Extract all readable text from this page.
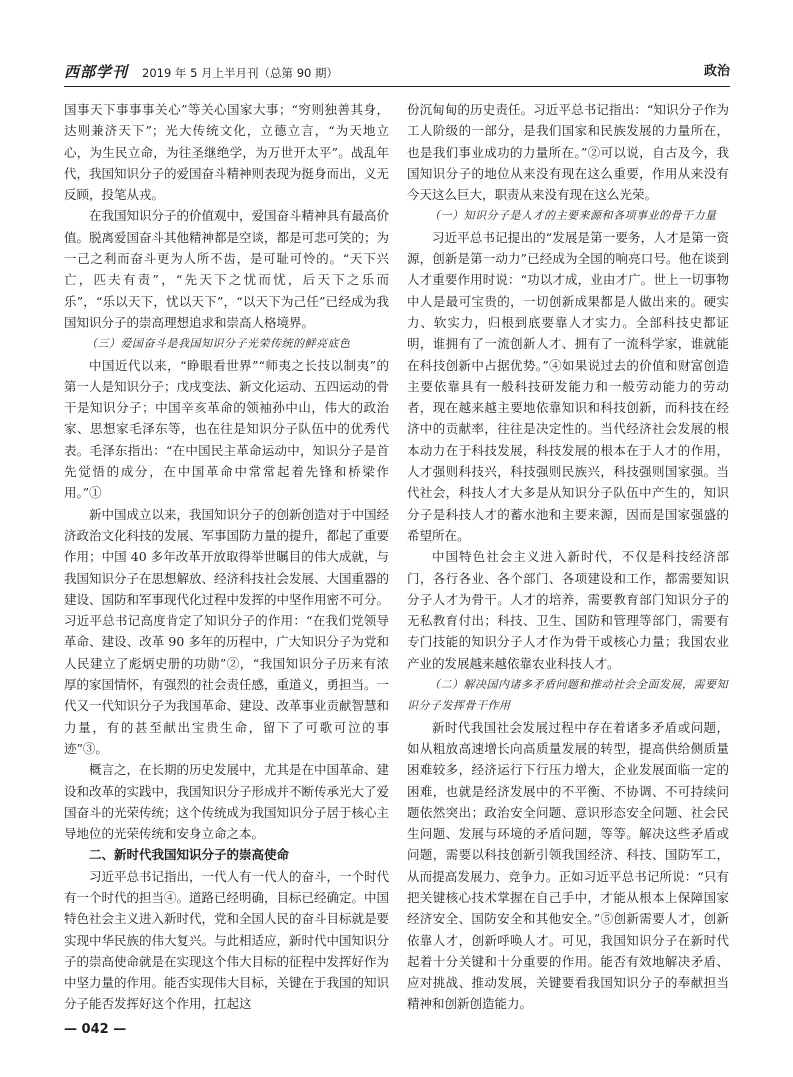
西部学刊 2019 年 5 月上半月刊（总第 90 期）	政治

国事天下事事事关心”等关心国家大事；“穷则独善其身，达则兼济天下”；光大传统文化，立德立言，“为天地立心，为生民立命，为往圣继绝学，为万世开太平”。战乱年代，我国知识分子的爱国奋斗精神则表现为挺身而出，义无反顾，投笔从戎。

在我国知识分子的价值观中，爱国奋斗精神具有最高价值。脱离爱国奋斗其他精神都是空谈，都是可悲可笑的；为一己之利而奋斗更为人所不齿，是可耻可怜的。“天下兴亡，匹夫有责”，“先天下之忧而忧，后天下之乐而乐”，“乐以天下，忧以天下”，“以天下为己任”已经成为我国知识分子的崇高理想追求和崇高人格境界。

（三）爱国奋斗是我国知识分子光荣传统的鲜亮底色

中国近代以来，“睁眼看世界”“师夷之长技以制夷”的第一人是知识分子；戊戌变法、新文化运动、五四运动的骨干是知识分子；中国辛亥革命的领袖孙中山，伟大的政治家、思想家毛泽东等，也在往是知识分子队伍中的优秀代表。毛泽东指出：“在中国民主革命运动中，知识分子是首先觉悟的成分，在中国革命中常常起着先锋和桥梁作用。”①

新中国成立以来，我国知识分子的创新创造对于中国经济政治文化科技的发展、军事国防力量的提升，都起了重要作用；中国 40 多年改革开放取得举世瞩目的伟大成就，与我国知识分子在思想解放、经济科技社会发展、大国重器的建设、国防和军事现代化过程中发挥的中坚作用密不可分。习近平总书记高度肯定了知识分子的作用：“在我们党领导革命、建设、改革 90 多年的历程中，广大知识分子为党和人民建立了彪炳史册的功勋”②，“我国知识分子历来有浓厚的家国情怀，有强烈的社会责任感，重道义，勇担当。一代又一代知识分子为我国革命、建设、改革事业贡献智慧和力量，有的甚至献出宝贵生命，留下了可歌可泣的事迹”③。

概言之，在长期的历史发展中，尤其是在中国革命、建设和改革的实践中，我国知识分子形成并不断传承光大了爱国奋斗的光荣传统；这个传统成为我国知识分子居于核心主导地位的光荣传统和安身立命之本。

二、新时代我国知识分子的崇高使命

习近平总书记指出，一代人有一代人的奋斗，一个时代有一个时代的担当④。道路已经明确，目标已经确定。中国特色社会主义进入新时代，党和全国人民的奋斗目标就是要实现中华民族的伟大复兴。与此相适应，新时代中国知识分子的崇高使命就是在实现这个伟大目标的征程中发挥好作为中坚力量的作用。能否实现伟大目标，关键在于我国的知识分子能否发挥好这个作用，扛起这

份沉甸甸的历史责任。习近平总书记指出：“知识分子作为工人阶级的一部分，是我们国家和民族发展的力量所在，也是我们事业成功的力量所在。”②可以说，自古及今，我国知识分子的地位从来没有现在这么重要，作用从来没有今天这么巨大，职责从来没有现在这么光荣。

（一）知识分子是人才的主要来源和各项事业的骨干力量

习近平总书记提出的“发展是第一要务，人才是第一资源，创新是第一动力”已经成为全国的响亮口号。他在谈到人才重要作用时说：“功以才成，业由才广。世上一切事物中人是最可宝贵的，一切创新成果都是人做出来的。硬实力、软实力，归根到底要靠人才实力。全部科技史都证明，谁拥有了一流创新人才、拥有了一流科学家，谁就能在科技创新中占据优势。”④如果说过去的价值和财富创造主要依靠具有一般科技研发能力和一般劳动能力的劳动者，现在越来越主要地依靠知识和科技创新，而科技在经济中的贡献率，往往是决定性的。当代经济社会发展的根本动力在于科技发展，科技发展的根本在于人才的作用，人才强则科技兴，科技强则民族兴，科技强则国家强。当代社会，科技人才大多是从知识分子队伍中产生的，知识分子是科技人才的蓄水池和主要来源，因而是国家强盛的希望所在。

中国特色社会主义进入新时代，不仅是科技经济部门，各行各业、各个部门、各项建设和工作，都需要知识分子人才为骨干。人才的培养，需要教育部门知识分子的无私教育付出；科技、卫生、国防和管理等部门，需要有专门技能的知识分子人才作为骨干或核心力量；我国农业产业的发展越来越依靠农业科技人才。

（二）解决国内诸多矛盾问题和推动社会全面发展，需要知识分子发挥骨干作用

新时代我国社会发展过程中存在着诸多矛盾或问题，如从粗放高速增长向高质量发展的转型，提高供给侧质量困难较多，经济运行下行压力增大，企业发展面临一定的困难，也就是经济发展中的不平衡、不协调、不可持续问题依然突出；政治安全问题、意识形态安全问题、社会民生问题、发展与环境的矛盾问题，等等。解决这些矛盾或问题，需要以科技创新引领我国经济、科技、国防军工，从而提高发展力、竞争力。正如习近平总书记所说：“只有把关键核心技术掌握在自己手中，才能从根本上保障国家经济安全、国防安全和其他安全。”⑤创新需要人才，创新依靠人才，创新呼唤人才。可见，我国知识分子在新时代起着十分关键和十分重要的作用。能否有效地解决矛盾、应对挑战、推动发展，关键要看我国知识分子的奉献担当精神和创新创造能力。

— 042 —
